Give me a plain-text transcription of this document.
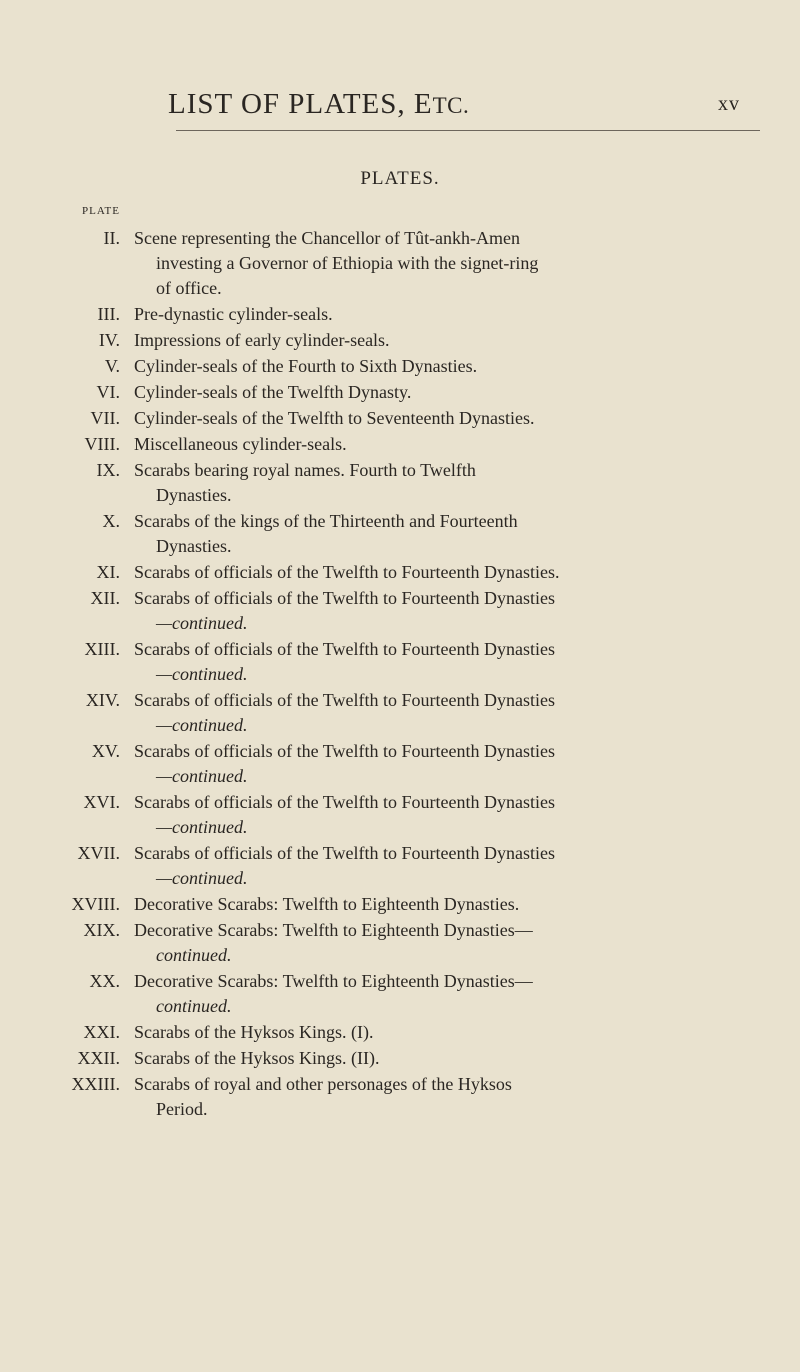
LIST OF PLATES, ETC.	xv
PLATES.
PLATE
II. Scene representing the Chancellor of Tût-ankh-Amen
investing a Governor of Ethiopia with the signet-ring
of office.
III. Pre-dynastic cylinder-seals.
IV. Impressions of early cylinder-seals.
V. Cylinder-seals of the Fourth to Sixth Dynasties.
VI. Cylinder-seals of the Twelfth Dynasty.
VII. Cylinder-seals of the Twelfth to Seventeenth Dynasties.
VIII. Miscellaneous cylinder-seals.
IX. Scarabs bearing royal names. Fourth to Twelfth
Dynasties.
X. Scarabs of the kings of the Thirteenth and Fourteenth
Dynasties.
XI. Scarabs of officials of the Twelfth to Fourteenth Dynasties.
XII. Scarabs of officials of the Twelfth to Fourteenth Dynasties
—continued.
XIII. Scarabs of officials of the Twelfth to Fourteenth Dynasties
—continued.
XIV. Scarabs of officials of the Twelfth to Fourteenth Dynasties
—continued.
XV. Scarabs of officials of the Twelfth to Fourteenth Dynasties
—continued.
XVI. Scarabs of officials of the Twelfth to Fourteenth Dynasties
—continued.
XVII. Scarabs of officials of the Twelfth to Fourteenth Dynasties
—continued.
XVIII. Decorative Scarabs: Twelfth to Eighteenth Dynasties.
XIX. Decorative Scarabs: Twelfth to Eighteenth Dynasties—
continued.
XX. Decorative Scarabs: Twelfth to Eighteenth Dynasties—
continued.
XXI. Scarabs of the Hyksos Kings. (I).
XXII. Scarabs of the Hyksos Kings. (II).
XXIII. Scarabs of royal and other personages of the Hyksos
Period.
